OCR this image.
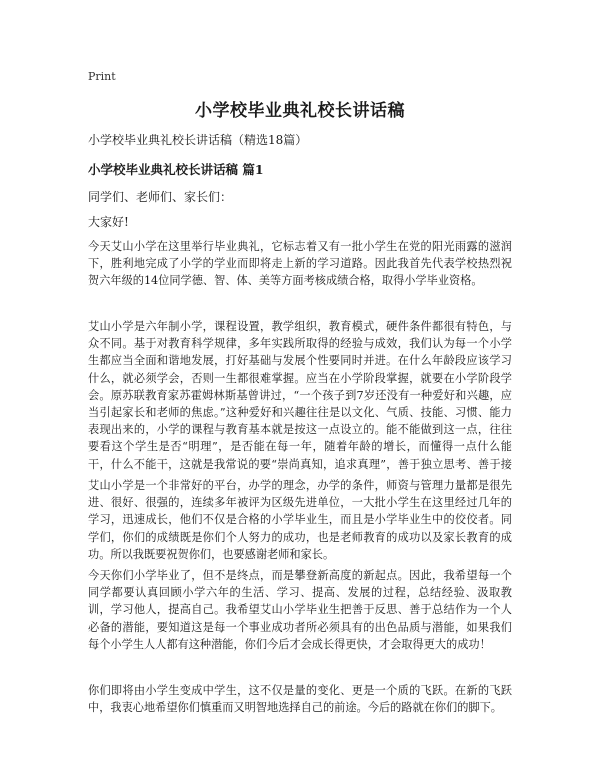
Print
小学校毕业典礼校长讲话稿
小学校毕业典礼校长讲话稿（精选18篇）
小学校毕业典礼校长讲话稿 篇1
同学们、老师们、家长们：
大家好!
今天艾山小学在这里举行毕业典礼，它标志着又有一批小学生在党的阳光雨露的滋润下，胜利地完成了小学的学业而即将走上新的学习道路。因此我首先代表学校热烈祝贺六年级的14位同学德、智、体、美等方面考核成绩合格，取得小学毕业资格。
艾山小学是六年制小学，课程设置，教学组织，教育模式，硬件条件都很有特色，与众不同。基于对教育科学规律，多年实践所取得的经验与成效，我们认为每一个小学生都应当全面和谐地发展，打好基础与发展个性要同时并进。在什么年龄段应该学习什么，就必须学会，否则一生都很难掌握。应当在小学阶段掌握，就要在小学阶段学会。原苏联教育家苏霍姆林斯基曾讲过，“一个孩子到7岁还没有一种爱好和兴趣，应当引起家长和老师的焦虑。”这种爱好和兴趣往往是以文化、气质、技能、习惯、能力表现出来的，小学的课程与教育基本就是按这一点设立的。能不能做到这一点，往往要看这个学生是否“明理”，是否能在每一年，随着年龄的增长，而懂得一点什么能干，什么不能干，这就是我常说的要“崇尚真知，追求真理”，善于独立思考、善于接
艾山小学是一个非常好的平台，办学的理念，办学的条件，师资与管理力量都是很先进、很好、很强的，连续多年被评为区级先进单位，一大批小学生在这里经过几年的学习，迅速成长，他们不仅是合格的小学毕业生，而且是小学毕业生中的佼佼者。同学们，你们的成绩既是你们个人努力的成功，也是老师教育的成功以及家长教育的成功。所以我既要祝贺你们，也要感谢老师和家长。
今天你们小学毕业了，但不是终点，而是攀登新高度的新起点。因此，我希望每一个同学都要认真回顾小学六年的生活、学习、提高、发展的过程，总结经验、汲取教训，学习他人，提高自己。我希望艾山小学毕业生把善于反思、善于总结作为一个人必备的潜能，要知道这是每一个事业成功者所必须具有的出色品质与潜能，如果我们每个小学生人人都有这种潜能，你们今后才会成长得更快，才会取得更大的成功！
你们即将由小学生变成中学生，这不仅是量的变化、更是一个质的飞跃。在新的飞跃中，我衷心地希望你们慎重而又明智地选择自己的前途。今后的路就在你们的脚下。
